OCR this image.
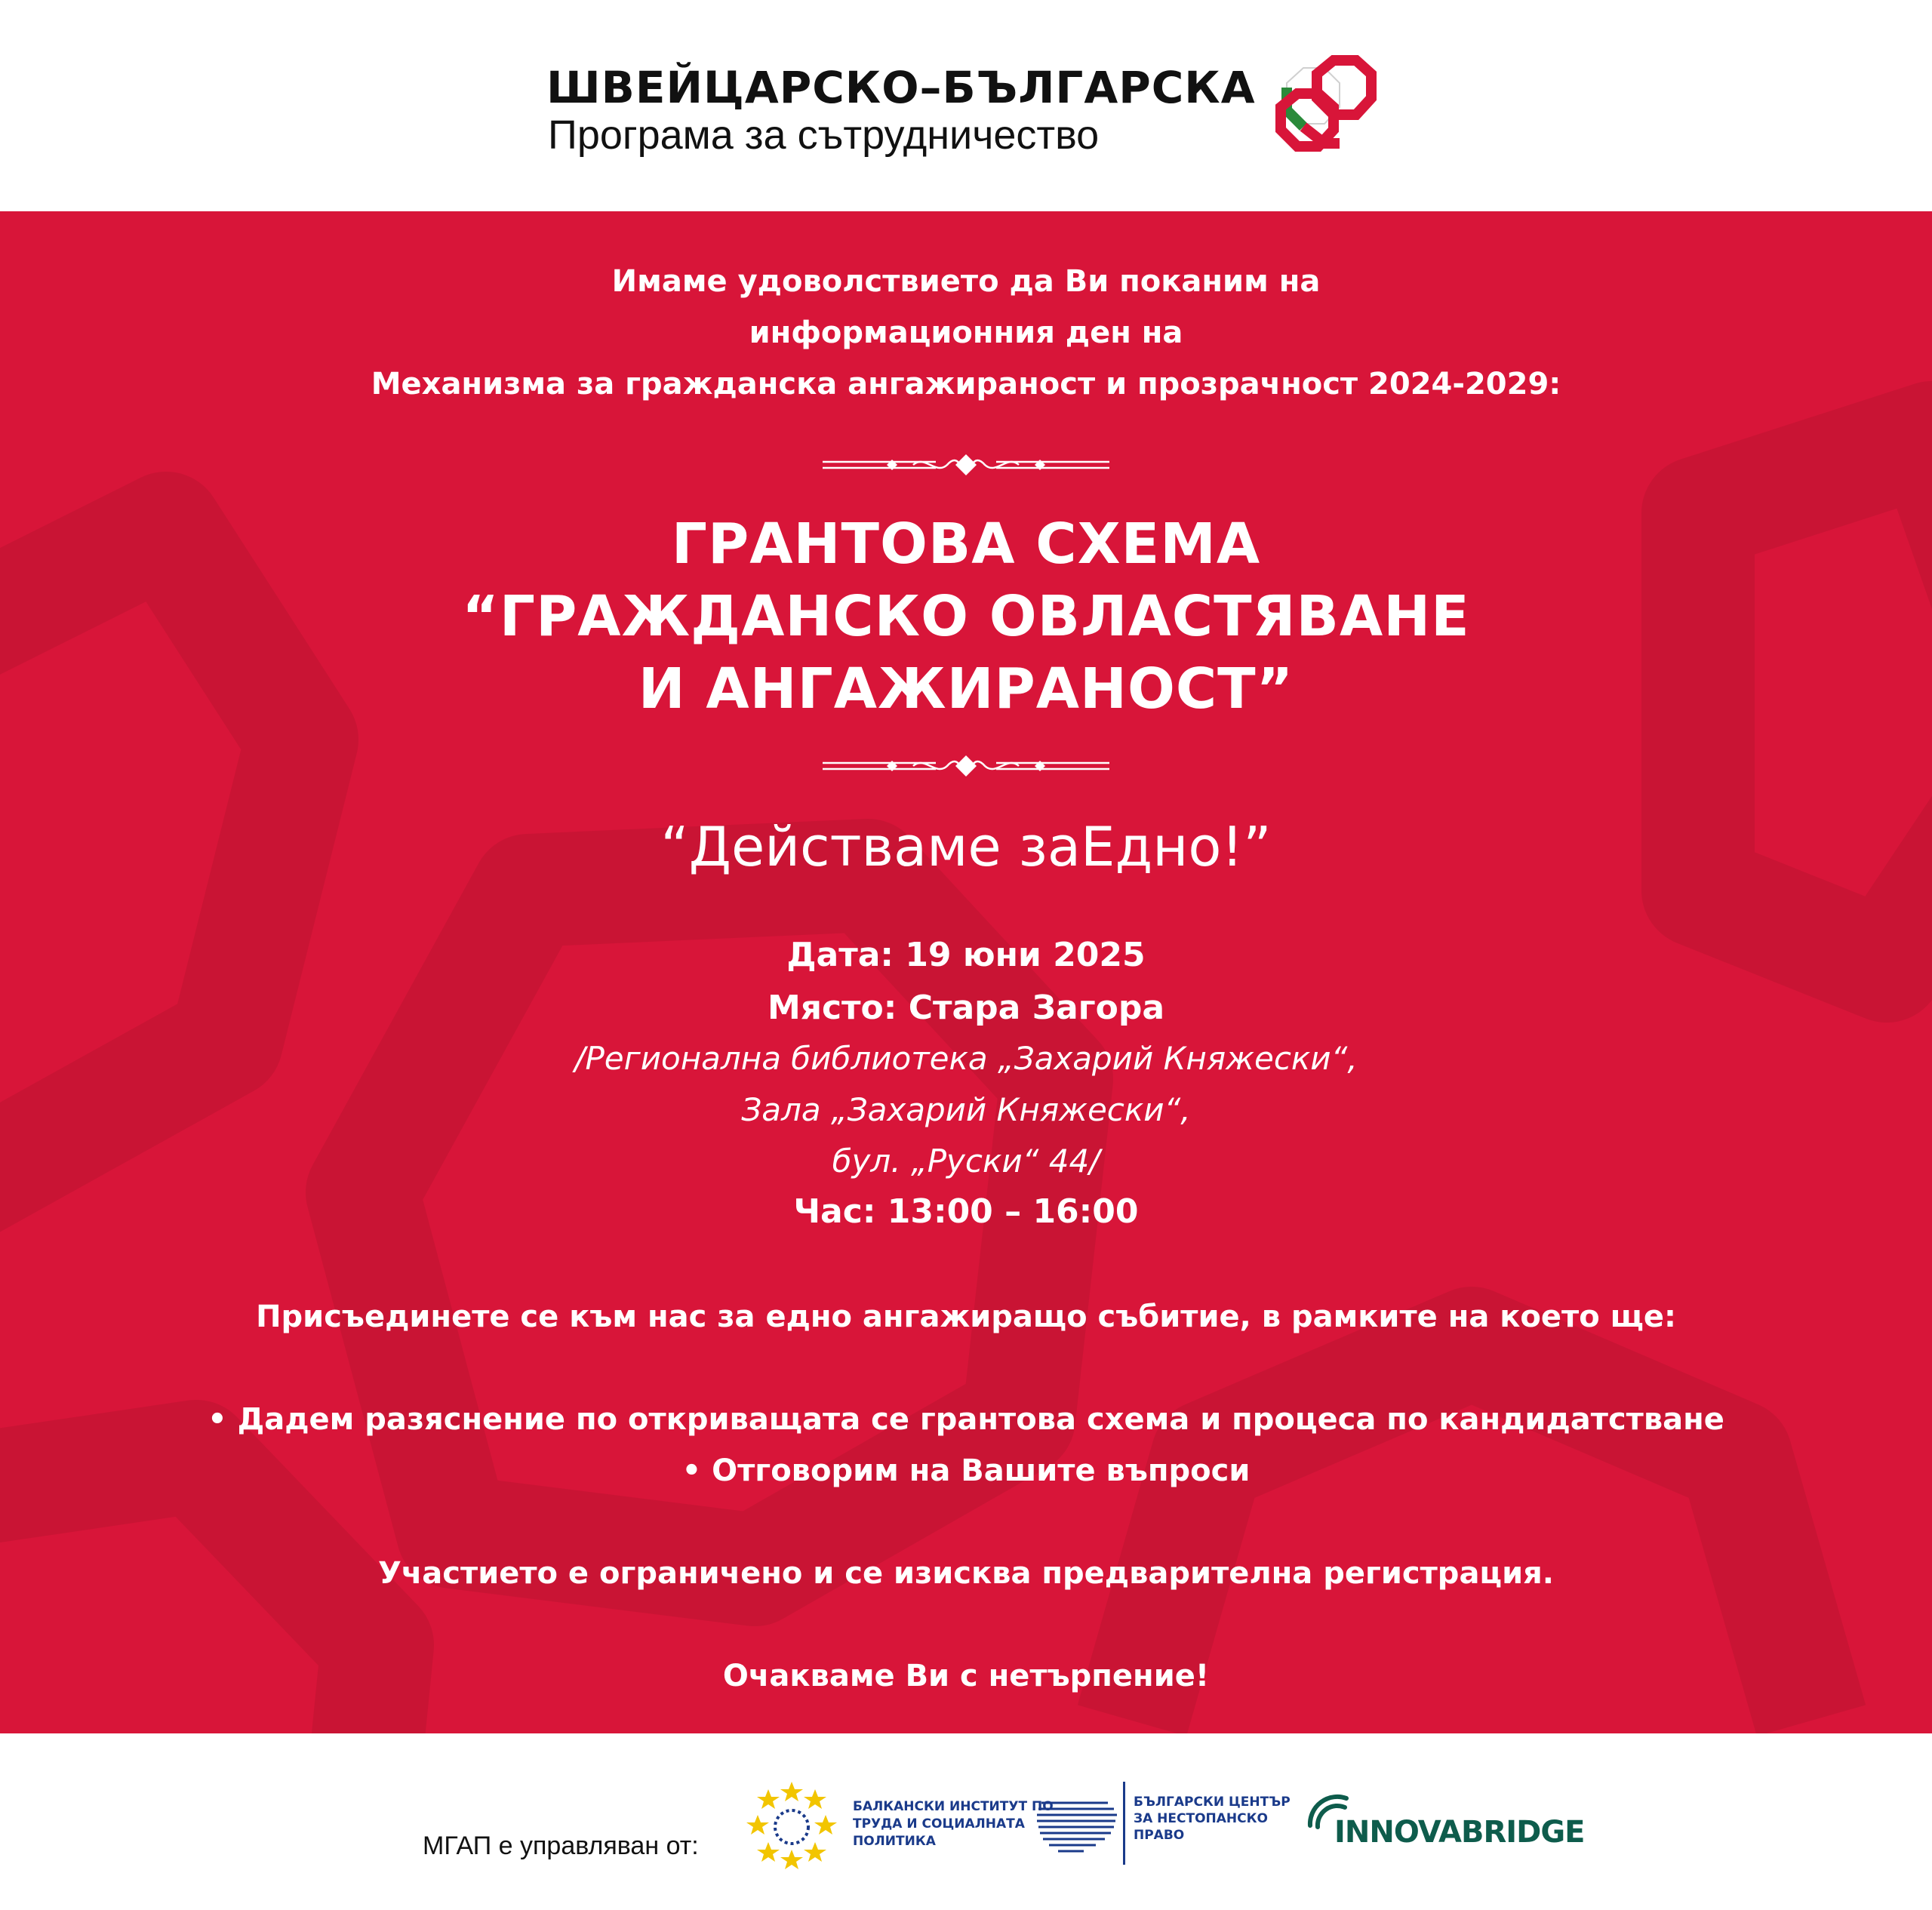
ШВЕЙЦАРСКО–БЪЛГАРСКА
Програма за сътрудничество
Имаме удоволствието да Ви поканим на
информационния ден на
Механизма за гражданска ангажираност и прозрачност 2024-2029:
ГРАНТОВА СХЕМА
“ГРАЖДАНСКО ОВЛАСТЯВАНЕ
И АНГАЖИРАНОСТ”
“Действаме заЕдно!”
Дата: 19 юни 2025
Място: Стара Загора
/Регионална библиотека „Захарий Княжески“,
Зала „Захарий Княжески“,
бул. „Руски“ 44/
Час: 13:00 – 16:00
Присъединете се към нас за едно ангажиращо събитие, в рамките на което ще:
• Дадем разяснение по откриващата се грантова схема и процеса по кандидатстване
• Отговорим на Вашите въпроси
Участието е ограничено и се изисква предварителна регистрация.
Очакваме Ви с нетърпение!
МГАП е управляван от:
БАЛКАНСКИ ИНСТИТУТ ПО
ТРУДА И СОЦИАЛНАТА
ПОЛИТИКА
БЪЛГАРСКИ ЦЕНТЪР
ЗА НЕСТОПАНСКО
ПРАВО	INNOVABRIDGE
